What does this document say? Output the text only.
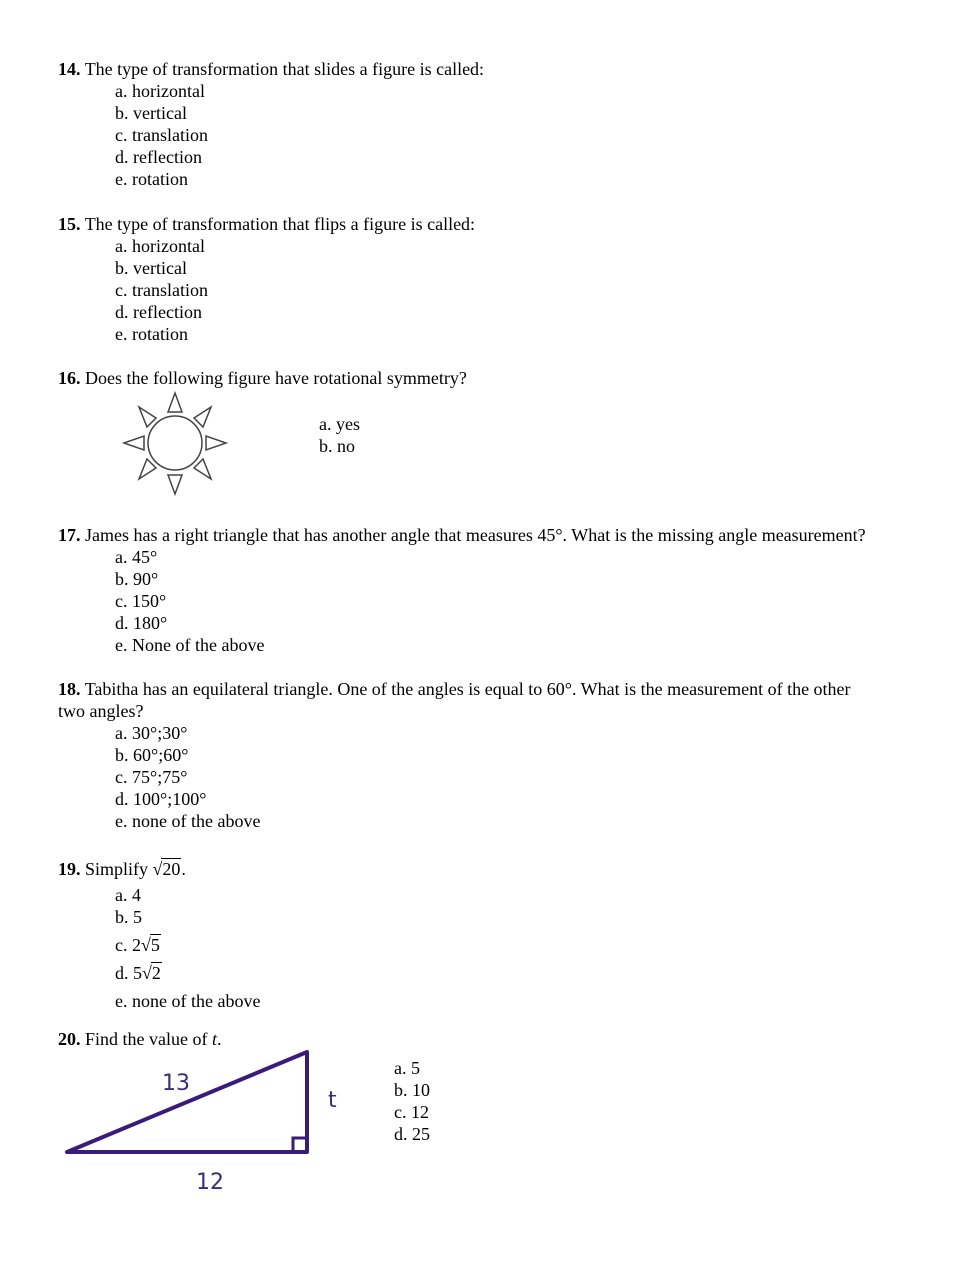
14. The type of transformation that slides a figure is called:
a. horizontal
b. vertical
c. translation
d. reflection
e. rotation
15. The type of transformation that flips a figure is called:
a. horizontal
b. vertical
c. translation
d. reflection
e. rotation
16. Does the following figure have rotational symmetry?
a. yes
b. no
17. James has a right triangle that has another angle that measures 45°. What is the missing angle measurement?
a. 45°
b. 90°
c. 150°
d. 180°
e. None of the above
18. Tabitha has an equilateral triangle. One of the angles is equal to 60°. What is the measurement of the other
two angles?
a. 30°;30°
b. 60°;60°
c. 75°;75°
d. 100°;100°
e. none of the above
19. Simplify √20.
a. 4
b. 5
c. 2√5
d. 5√2
e. none of the above
20. Find the value of t.
13
12
t
a. 5
b. 10
c. 12
d. 25
